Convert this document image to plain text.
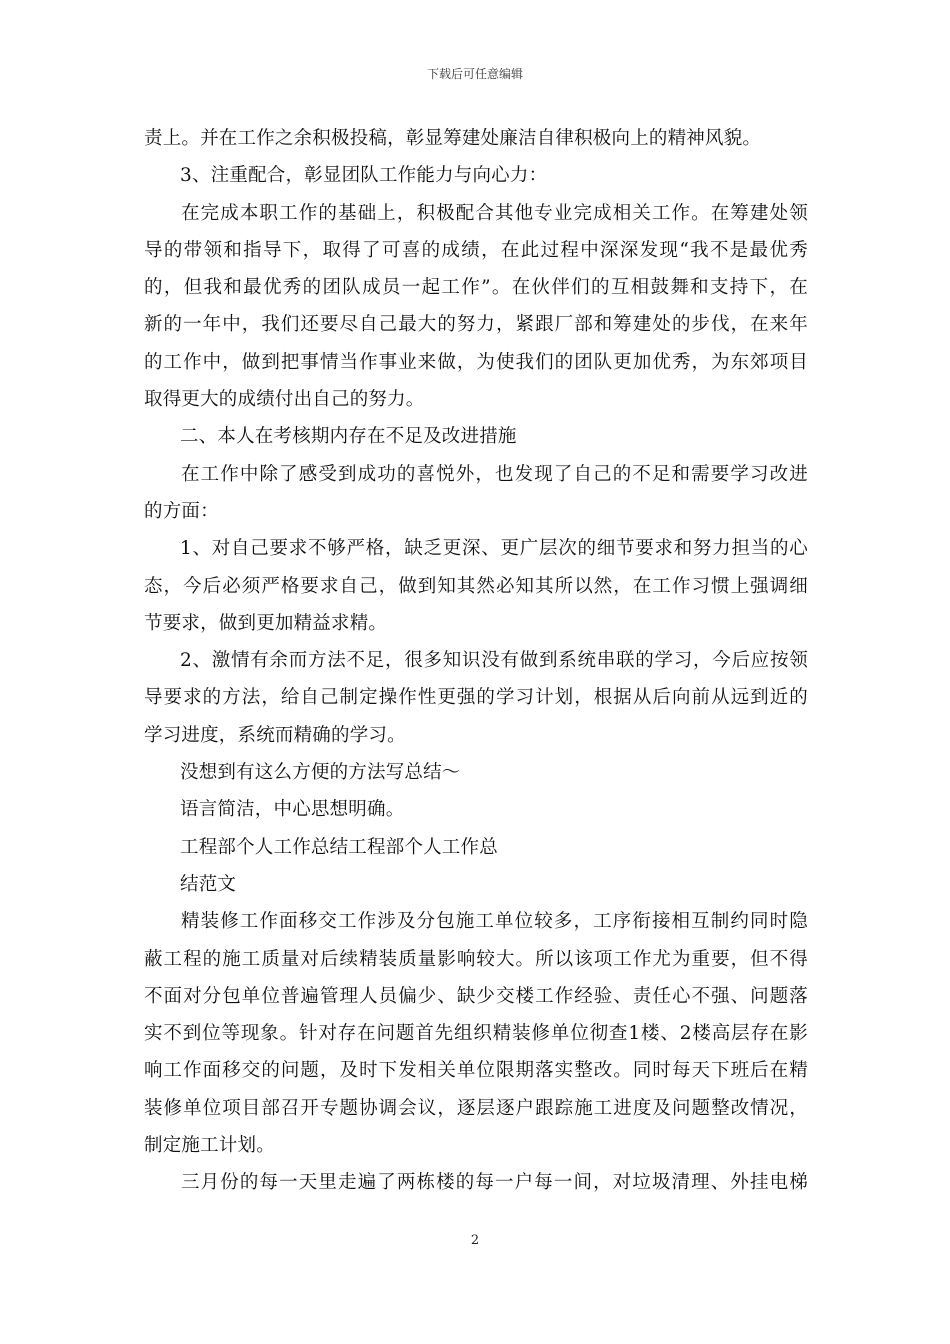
下载后可任意编辑
责上。并在工作之余积极投稿，彰显筹建处廉洁自律积极向上的精神风貌。
3、注重配合，彰显团队工作能力与向心力：
在完成本职工作的基础上，积极配合其他专业完成相关工作。在筹建处领
导的带领和指导下，取得了可喜的成绩，在此过程中深深发现“我不是最优秀
的，但我和最优秀的团队成员一起工作”。在伙伴们的互相鼓舞和支持下，在
新的一年中，我们还要尽自己最大的努力，紧跟厂部和筹建处的步伐，在来年
的工作中，做到把事情当作事业来做，为使我们的团队更加优秀，为东郊项目
取得更大的成绩付出自己的努力。
二、本人在考核期内存在不足及改进措施
在工作中除了感受到成功的喜悦外，也发现了自己的不足和需要学习改进
的方面：
1、对自己要求不够严格，缺乏更深、更广层次的细节要求和努力担当的心
态，今后必须严格要求自己，做到知其然必知其所以然，在工作习惯上强调细
节要求，做到更加精益求精。
2、激情有余而方法不足，很多知识没有做到系统串联的学习，今后应按领
导要求的方法，给自己制定操作性更强的学习计划，根据从后向前从远到近的
学习进度，系统而精确的学习。
没想到有这么方便的方法写总结～
语言简洁，中心思想明确。
工程部个人工作总结工程部个人工作总
结范文
精装修工作面移交工作涉及分包施工单位较多，工序衔接相互制约同时隐
蔽工程的施工质量对后续精装质量影响较大。所以该项工作尤为重要，但不得
不面对分包单位普遍管理人员偏少、缺少交楼工作经验、责任心不强、问题落
实不到位等现象。针对存在问题首先组织精装修单位彻查1楼、2楼高层存在影
响工作面移交的问题，及时下发相关单位限期落实整改。同时每天下班后在精
装修单位项目部召开专题协调会议，逐层逐户跟踪施工进度及问题整改情况，
制定施工计划。
三月份的每一天里走遍了两栋楼的每一户每一间，对垃圾清理、外挂电梯
2
